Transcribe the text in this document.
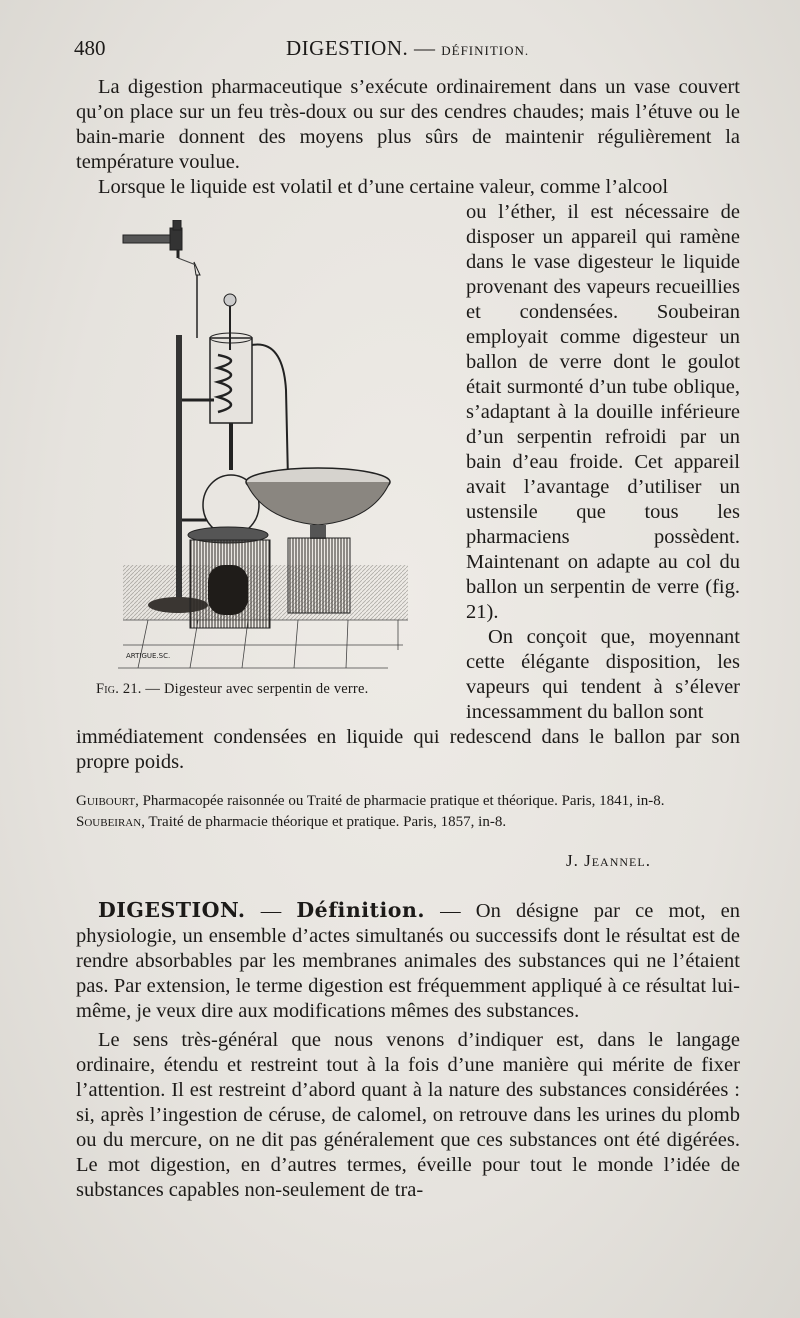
480	DIGESTION. — DÉFINITION.

La digestion pharmaceutique s’exécute ordinairement dans un vase couvert qu’on place sur un feu très-doux ou sur des cendres chaudes; mais l’étuve ou le bain-marie donnent des moyens plus sûrs de maintenir régulièrement la température voulue.

Lorsque le liquide est volatil et d’une certaine valeur, comme l’alcool

ARTIGUE.SC.

ou l’éther, il est nécessaire de disposer un appareil qui ramène dans le vase digesteur le liquide provenant des vapeurs recueillies et condensées. Soubeiran employait comme digesteur un ballon de verre dont le goulot était surmonté d’un tube oblique, s’adaptant à la douille inférieure d’un serpentin refroidi par un bain d’eau froide. Cet appareil avait l’avantage d’utiliser un ustensile que tous les pharmaciens possèdent. Maintenant on adapte au col du ballon un serpentin de verre (fig. 21).

On conçoit que, moyennant cette élégante disposition, les vapeurs qui tendent à s’élever incessamment du ballon sont

Fig. 21. — Digesteur avec serpentin de verre.

immédiatement condensées en liquide qui redescend dans le ballon par son propre poids.

Guibourt, Pharmacopée raisonnée ou Traité de pharmacie pratique et théorique. Paris, 1841, in-8.
Soubeiran, Traité de pharmacie théorique et pratique. Paris, 1857, in-8.
J. Jeannel.

DIGESTION. — Définition. — On désigne par ce mot, en physiologie, un ensemble d’actes simultanés ou successifs dont le résultat est de rendre absorbables par les membranes animales des substances qui ne l’étaient pas. Par extension, le terme digestion est fréquemment appliqué à ce résultat lui-même, je veux dire aux modifications mêmes des substances.

Le sens très-général que nous venons d’indiquer est, dans le langage ordinaire, étendu et restreint tout à la fois d’une manière qui mérite de fixer l’attention. Il est restreint d’abord quant à la nature des substances considérées : si, après l’ingestion de céruse, de calomel, on retrouve dans les urines du plomb ou du mercure, on ne dit pas généralement que ces substances ont été digérées. Le mot digestion, en d’autres termes, éveille pour tout le monde l’idée de substances capables non-seulement de tra-
